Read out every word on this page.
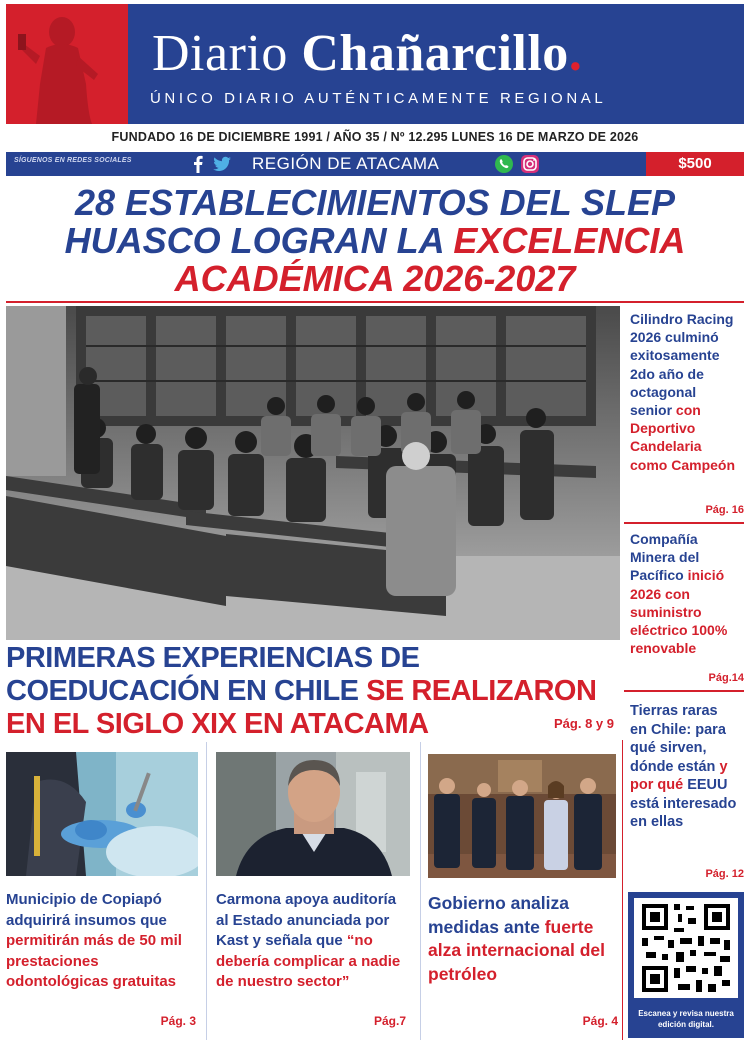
Diario Chañarcillo.
ÚNICO DIARIO AUTÉNTICAMENTE REGIONAL
FUNDADO 16 DE DICIEMBRE 1991 / AÑO 35 / Nº 12.295 LUNES 16 DE MARZO DE 2026
SÍGUENOS EN REDES SOCIALES	REGIÓN DE ATACAMA	$500
28 ESTABLECIMIENTOS DEL SLEP HUASCO LOGRAN LA EXCELENCIA ACADÉMICA 2026-2027
PRIMERAS EXPERIENCIAS DE COEDUCACIÓN EN CHILE SE REALIZARON EN EL SIGLO XIX EN ATACAMA	Pág. 8 y 9
Cilindro Racing 2026 culminó exitosamente 2do año de octagonal senior con Deportivo Candelaria como Campeón
Pág. 16
Compañía Minera del Pacífico inició 2026 con suministro eléctrico 100% renovable
Pág.14
Tierras raras en Chile: para qué sirven, dónde están y por qué EEUU está interesado en ellas
Pág. 12
Escanea y revisa nuestra edición digital.
Municipio de Copiapó adquirirá insumos que permitirán más de 50 mil prestaciones odontológicas gratuitas
Pág. 3
Carmona apoya auditoría al Estado anunciada por Kast y señala que “no debería complicar a nadie de nuestro sector”
Pág.7
Gobierno analiza medidas ante fuerte alza internacional del petróleo
Pág. 4
